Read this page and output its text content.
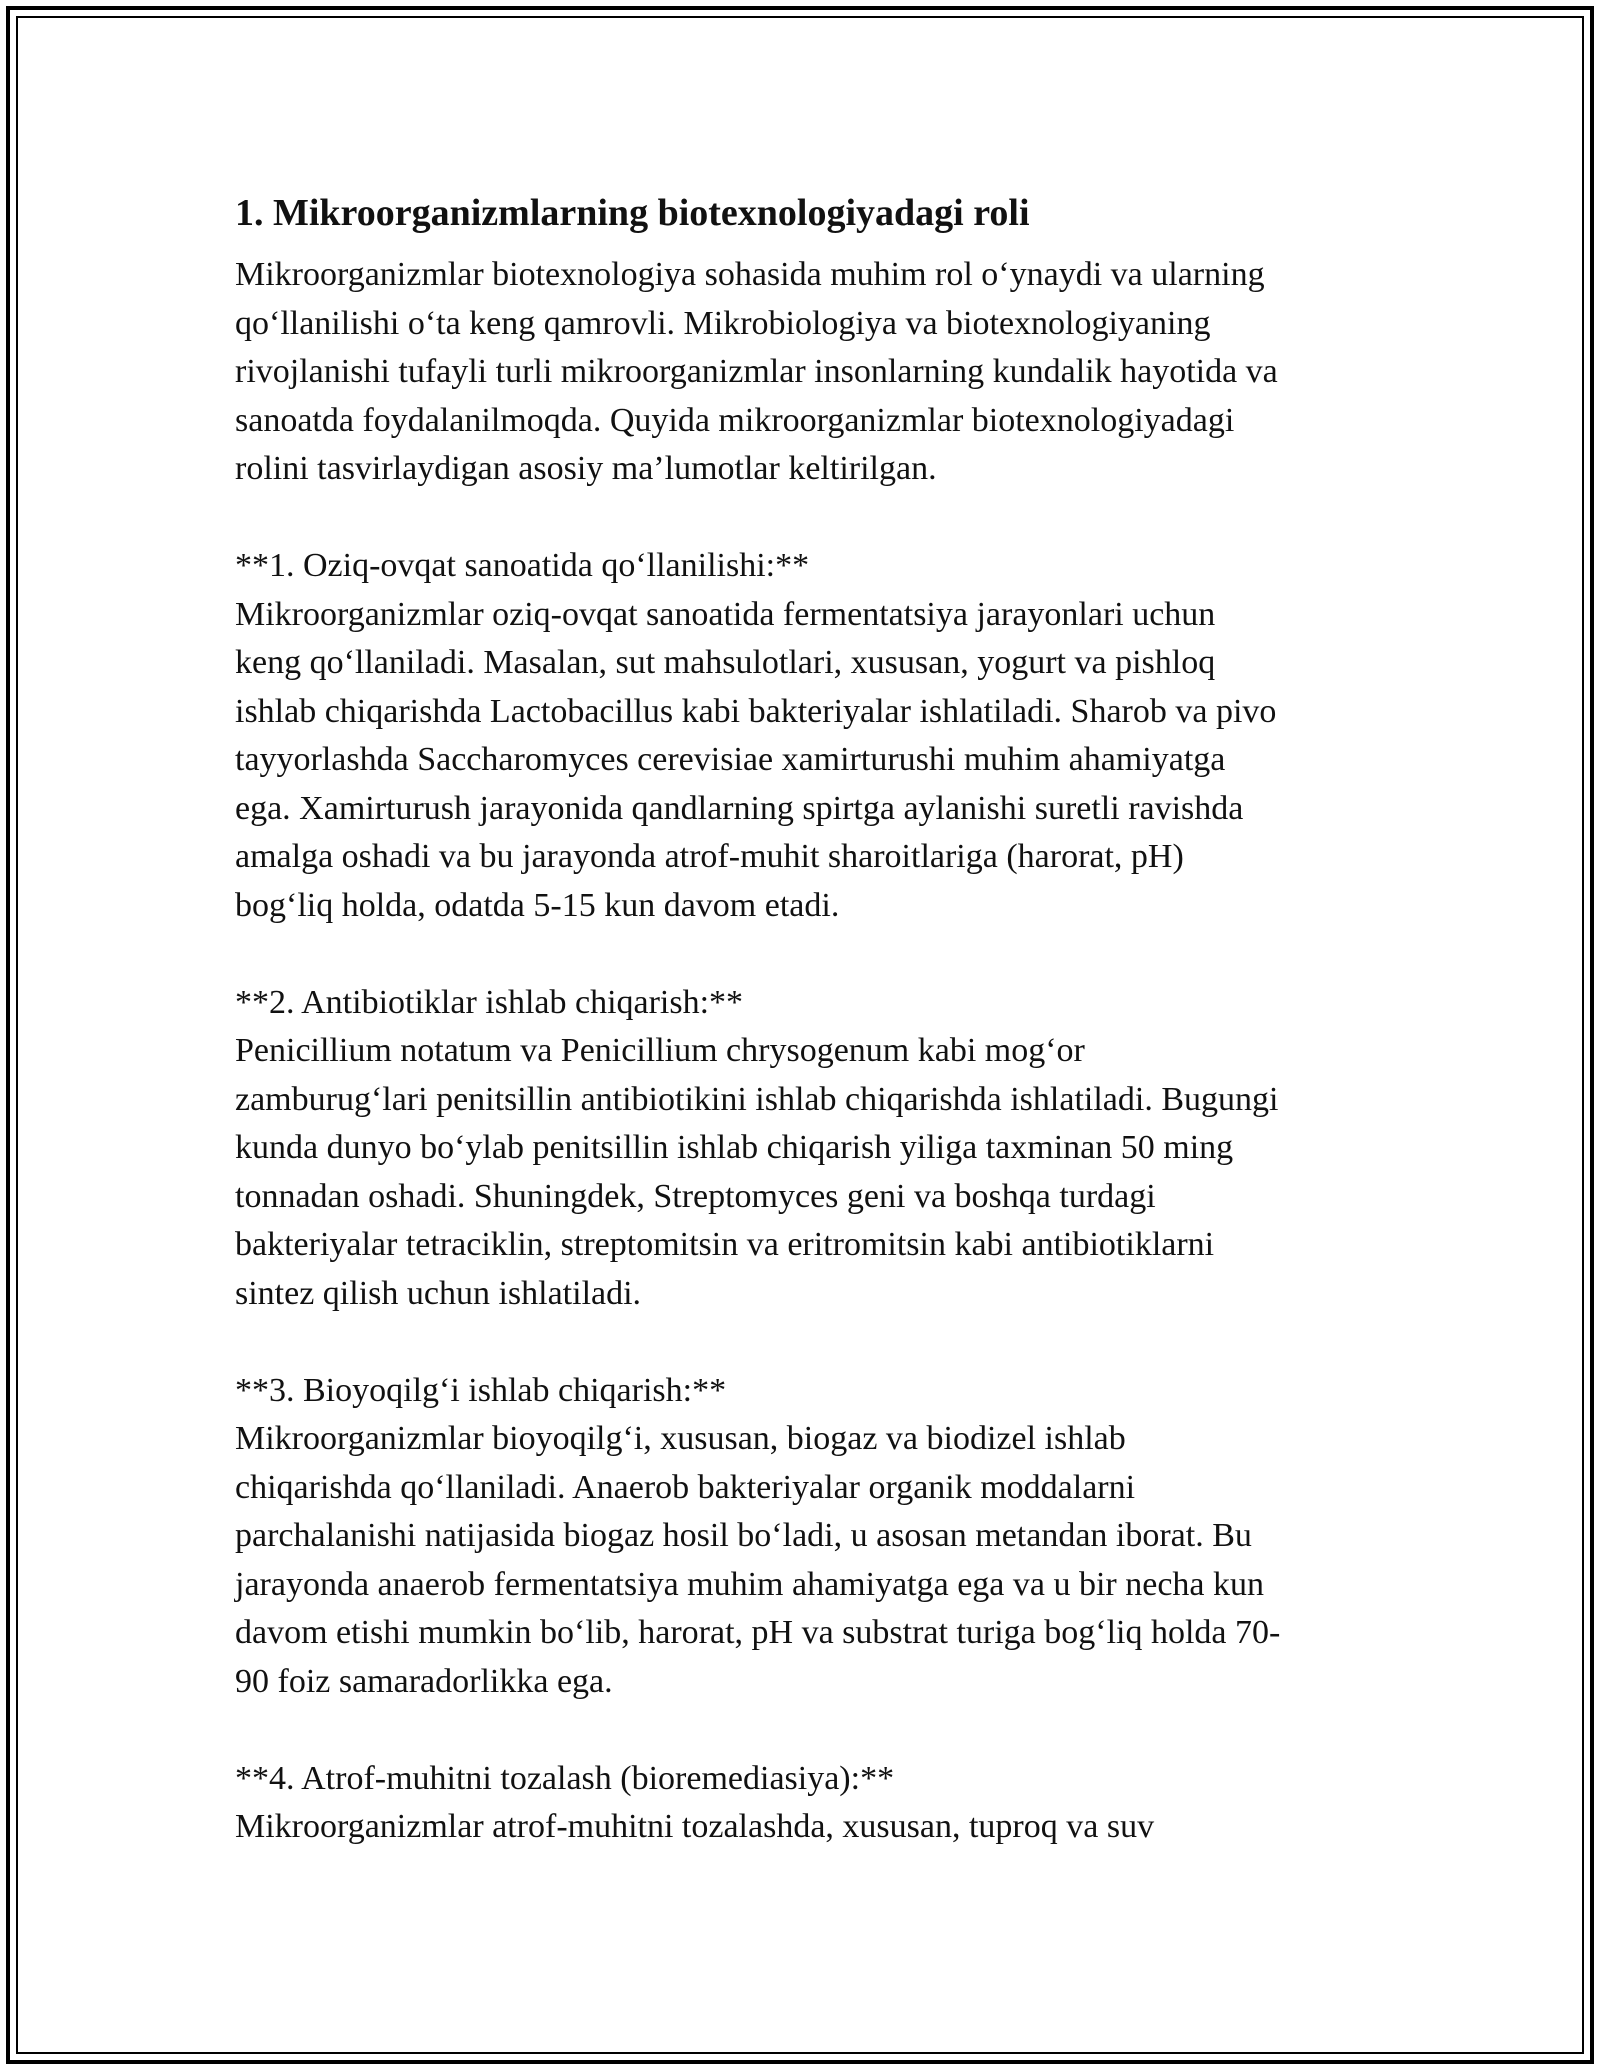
1. Mikroorganizmlarning biotexnologiyadagi roli

Mikroorganizmlar biotexnologiya sohasida muhim rol o‘ynaydi va ularning
qo‘llanilishi o‘ta keng qamrovli. Mikrobiologiya va biotexnologiyaning
rivojlanishi tufayli turli mikroorganizmlar insonlarning kundalik hayotida va
sanoatda foydalanilmoqda. Quyida mikroorganizmlar biotexnologiyadagi
rolini tasvirlaydigan asosiy ma’lumotlar keltirilgan.

**1. Oziq-ovqat sanoatida qo‘llanilishi:**

Mikroorganizmlar oziq-ovqat sanoatida fermentatsiya jarayonlari uchun
keng qo‘llaniladi. Masalan, sut mahsulotlari, xususan, yogurt va pishloq
ishlab chiqarishda Lactobacillus kabi bakteriyalar ishlatiladi. Sharob va pivo
tayyorlashda Saccharomyces cerevisiae xamirturushi muhim ahamiyatga
ega. Xamirturush jarayonida qandlarning spirtga aylanishi suretli ravishda
amalga oshadi va bu jarayonda atrof-muhit sharoitlariga (harorat, pH)
bog‘liq holda, odatda 5-15 kun davom etadi.

**2. Antibiotiklar ishlab chiqarish:**

Penicillium notatum va Penicillium chrysogenum kabi mog‘or
zamburug‘lari penitsillin antibiotikini ishlab chiqarishda ishlatiladi. Bugungi
kunda dunyo bo‘ylab penitsillin ishlab chiqarish yiliga taxminan 50 ming
tonnadan oshadi. Shuningdek, Streptomyces geni va boshqa turdagi
bakteriyalar tetraciklin, streptomitsin va eritromitsin kabi antibiotiklarni
sintez qilish uchun ishlatiladi.

**3. Bioyoqilg‘i ishlab chiqarish:**

Mikroorganizmlar bioyoqilg‘i, xususan, biogaz va biodizel ishlab
chiqarishda qo‘llaniladi. Anaerob bakteriyalar organik moddalarni
parchalanishi natijasida biogaz hosil bo‘ladi, u asosan metandan iborat. Bu
jarayonda anaerob fermentatsiya muhim ahamiyatga ega va u bir necha kun
davom etishi mumkin bo‘lib, harorat, pH va substrat turiga bog‘liq holda 70-
90 foiz samaradorlikka ega.

**4. Atrof-muhitni tozalash (bioremediasiya):**

Mikroorganizmlar atrof-muhitni tozalashda, xususan, tuproq va suv
